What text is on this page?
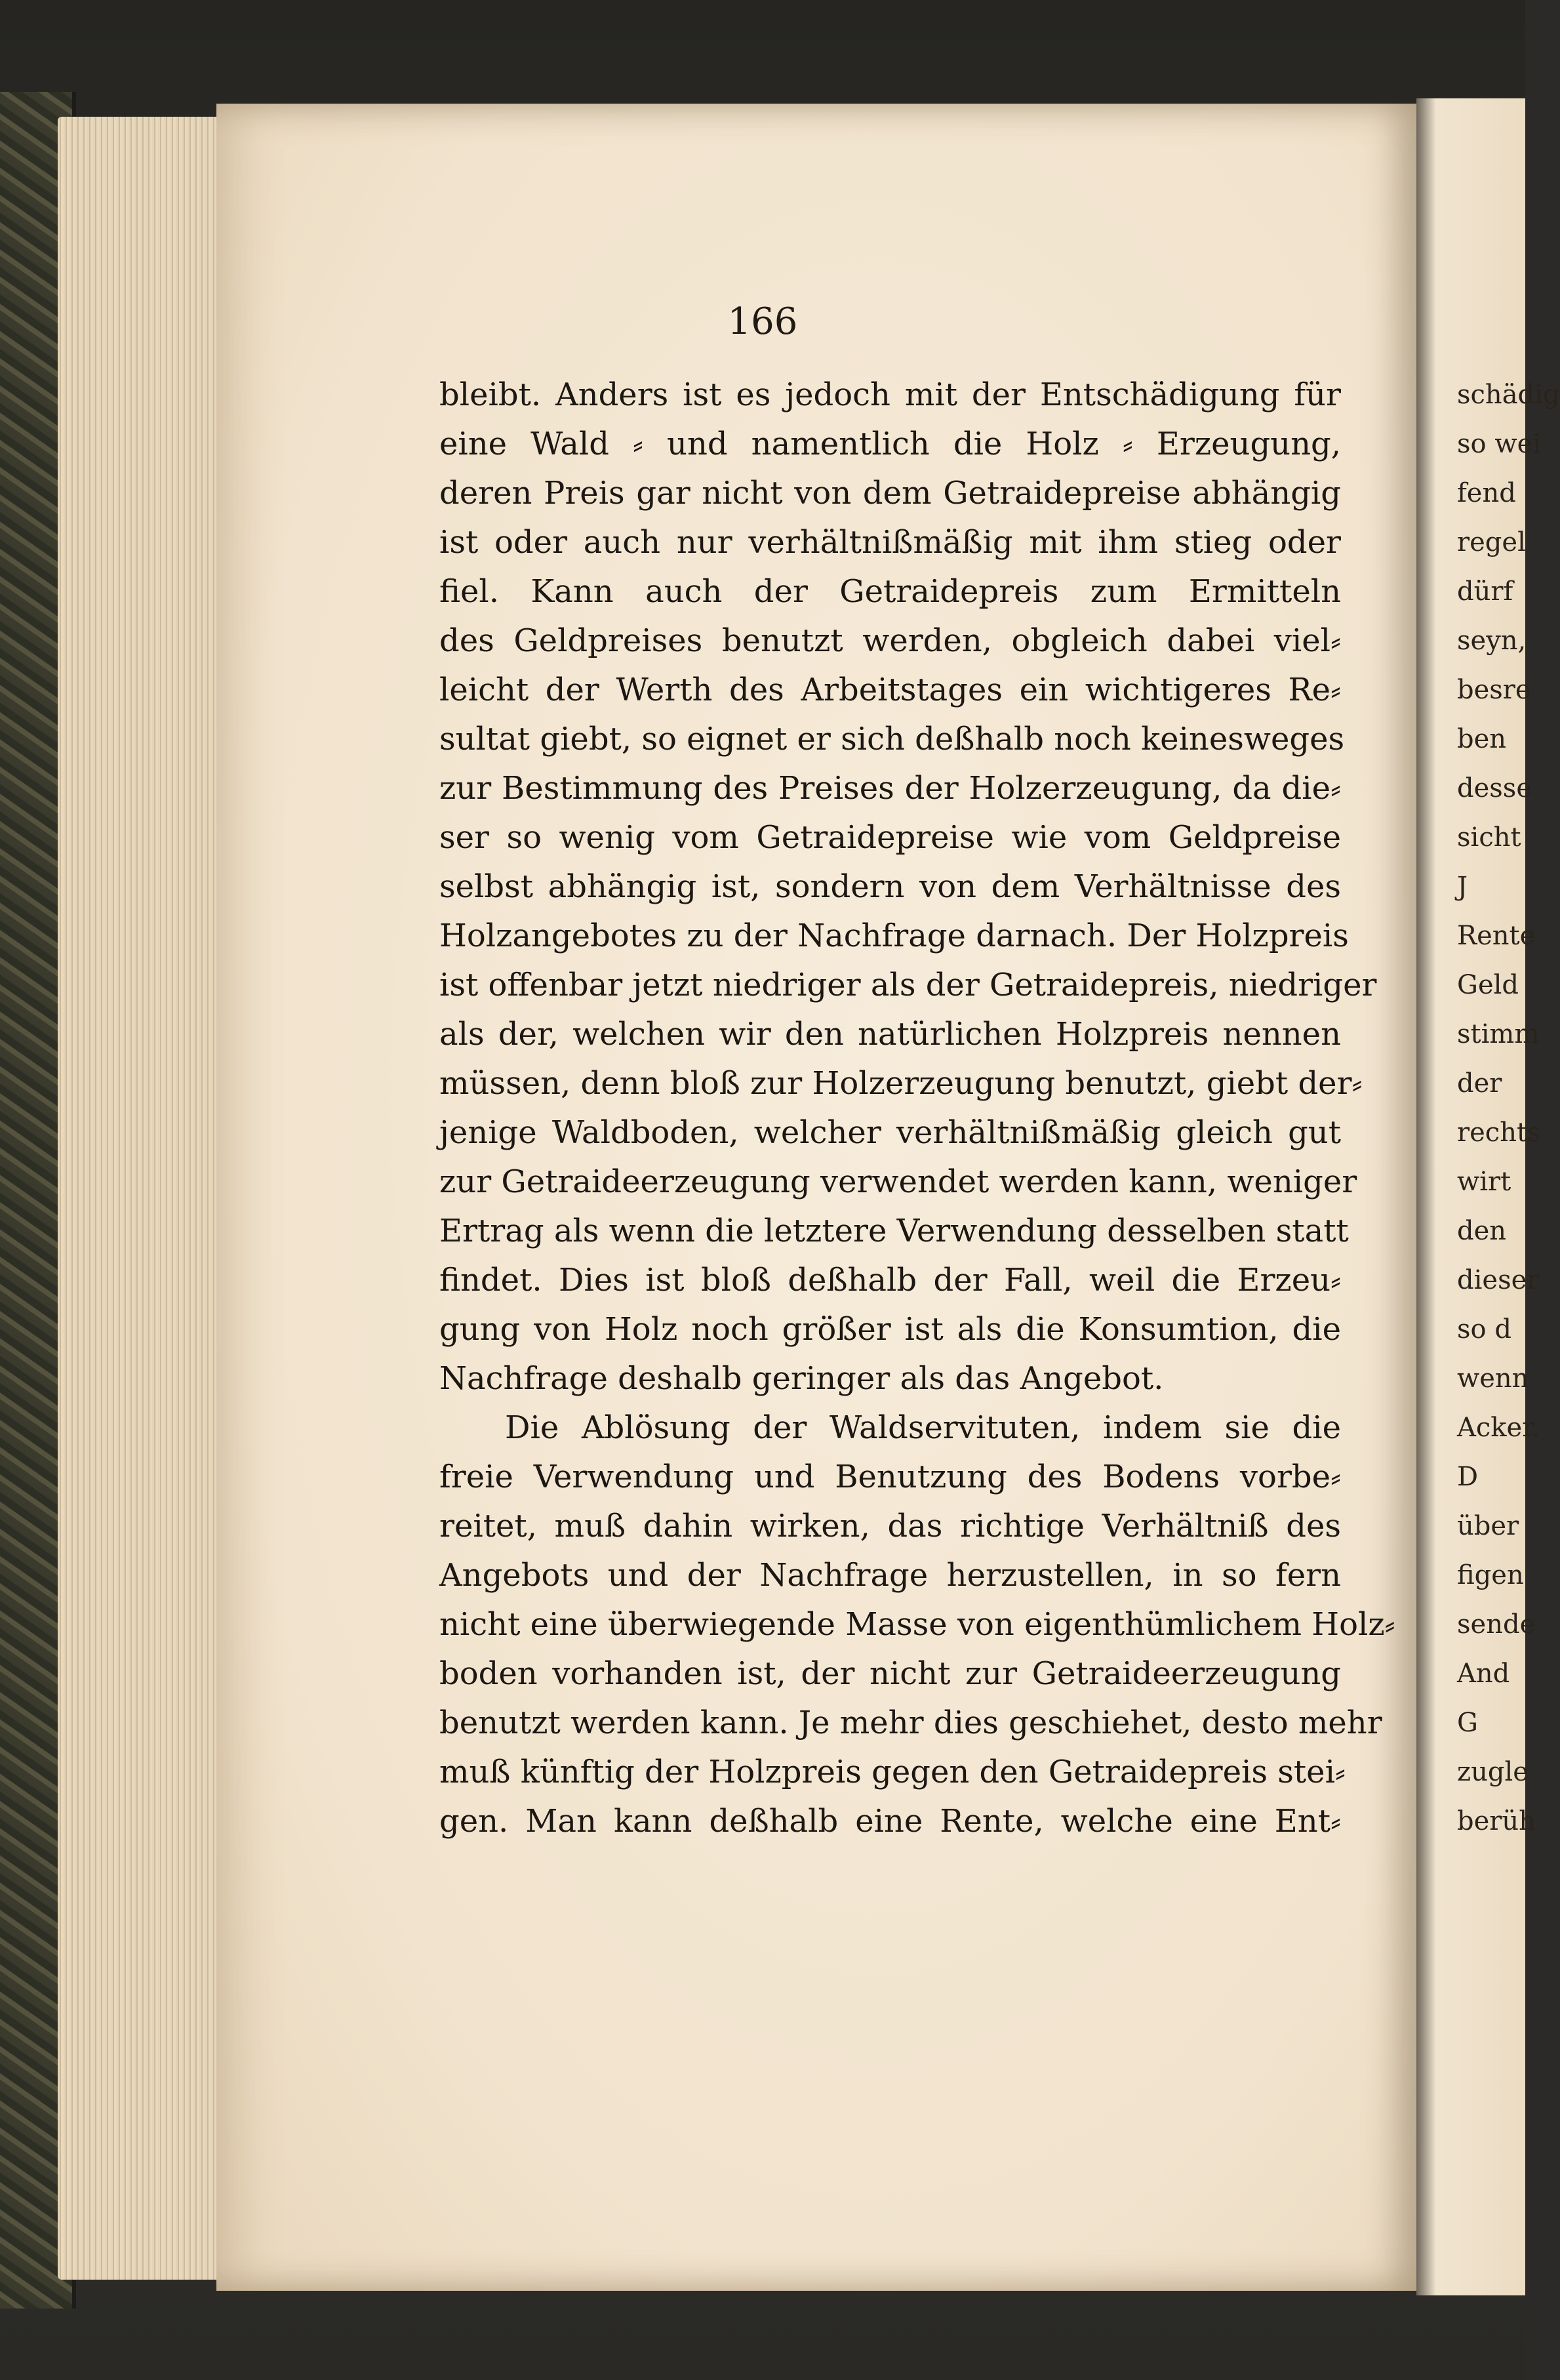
166
bleibt. Anders ist es jedoch mit der Entschädigung für
eine Wald ⸗ und namentlich die Holz ⸗ Erzeugung,
deren Preis gar nicht von dem Getraidepreise abhängig
ist oder auch nur verhältnißmäßig mit ihm stieg oder
fiel. Kann auch der Getraidepreis zum Ermitteln
des Geldpreises benutzt werden, obgleich dabei viel⸗
leicht der Werth des Arbeitstages ein wichtigeres Re⸗
sultat giebt, so eignet er sich deßhalb noch keinesweges
zur Bestimmung des Preises der Holzerzeugung, da die⸗
ser so wenig vom Getraidepreise wie vom Geldpreise
selbst abhängig ist, sondern von dem Verhältnisse des
Holzangebotes zu der Nachfrage darnach. Der Holzpreis
ist offenbar jetzt niedriger als der Getraidepreis, niedriger
als der, welchen wir den natürlichen Holzpreis nennen
müssen, denn bloß zur Holzerzeugung benutzt, giebt der⸗
jenige Waldboden, welcher verhältnißmäßig gleich gut
zur Getraideerzeugung verwendet werden kann, weniger
Ertrag als wenn die letztere Verwendung desselben statt
findet. Dies ist bloß deßhalb der Fall, weil die Erzeu⸗
gung von Holz noch größer ist als die Konsumtion, die
Nachfrage deshalb geringer als das Angebot.
Die Ablösung der Waldservituten, indem sie die
freie Verwendung und Benutzung des Bodens vorbe⸗
reitet, muß dahin wirken, das richtige Verhältniß des
Angebots und der Nachfrage herzustellen, in so fern
nicht eine überwiegende Masse von eigenthümlichem Holz⸗
boden vorhanden ist, der nicht zur Getraideerzeugung
benutzt werden kann. Je mehr dies geschiehet, desto mehr
muß künftig der Holzpreis gegen den Getraidepreis stei⸗
gen. Man kann deßhalb eine Rente, welche eine Ent⸗
schädig
so wei
fend
regel
dürf
seyn,
besre
ben
desse
sicht
J
Rente
Geld
stimm
der
rechts
wirt
den
dieser
so d
wenn
Acker.
D
über
figen
sende
And
G
zugle
berüh
